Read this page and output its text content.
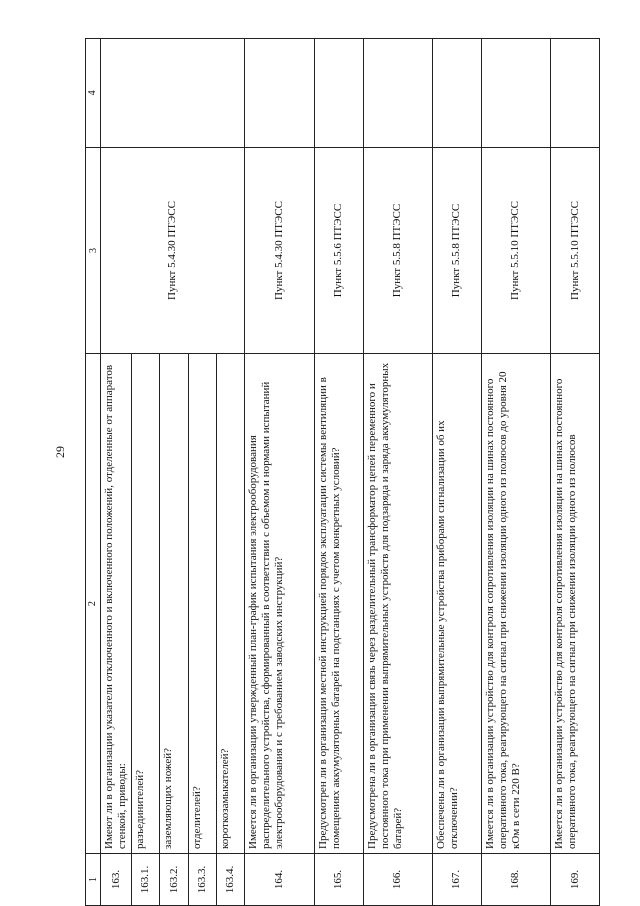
29
1	2	3	4
163.	Имеют ли в организации указатели отключенного и включенного положений, отделенные от аппаратов стенкой, приводы:	Пункт 5.4.30 ПТЭСС	
163.1.	разъединителей?		
163.2.	заземляющих ножей?		
163.3.	отделителей?		
163.4.	короткозамыкателей?		
164.	Имеется ли в организации утвержденный план-график испытания электрооборудования распределительного устройства, сформированный в соответствии с объемом и нормами испытаний электрооборудования и с требованием заводских инструкций?	Пункт 5.4.30 ПТЭСС	
165.	Предусмотрен ли в организации местной инструкцией порядок эксплуатации системы вентиляции в помещениях аккумуляторных батарей на подстанциях с учетом конкретных условий?	Пункт 5.5.6 ПТЭСС	
166.	Предусмотрена ли в организации связь через разделительный трансформатор цепей переменного и постоянного тока при применении выпрямительных устройств для подзаряда и заряда аккумуляторных батарей?	Пункт 5.5.8 ПТЭСС	
167.	Обеспечены ли в организации выпрямительные устройства приборами сигнализации об их отключении?	Пункт 5.5.8 ПТЭСС	
168.	Имеется ли в организации устройство для контроля сопротивления изоляции на шинах постоянного оперативного тока, реагирующего на сигнал при снижении изоляции одного из полюсов до уровня 20 кОм в сети 220 В?	Пункт 5.5.10 ПТЭСС	
169.	Имеется ли в организации устройство для контроля сопротивления изоляции на шинах постоянного оперативного тока, реагирующего на сигнал при снижении изоляции одного из полюсов	Пункт 5.5.10 ПТЭСС	
